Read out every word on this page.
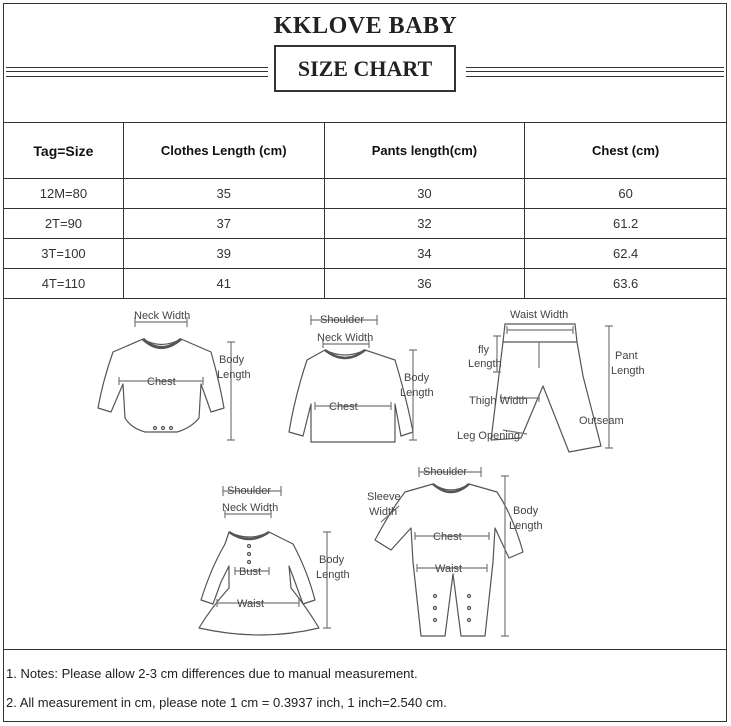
KKLOVE BABY
SIZE CHART
Tag=Size	Clothes Length (cm)	Pants length(cm)	Chest (cm)
12M=80	35	30	60
2T=90	37	32	61.2
3T=100	39	34	62.4
4T=110	41	36	63.6
Neck Width
Chest
Body
Length
Shoulder
Neck Width
Chest
Body
Length
Waist Width
fly
Length
Pant
Length
Thigh Width
Outseam
Leg Opening
Shoulder
Neck Width
Bust
Waist
Body
Length
Shoulder
Sleeve
Width
Chest
Waist
Body
Length
1. Notes: Please allow 2-3 cm differences due to manual measurement.
2. All measurement in cm, please note 1 cm = 0.3937 inch, 1 inch=2.540 cm.
